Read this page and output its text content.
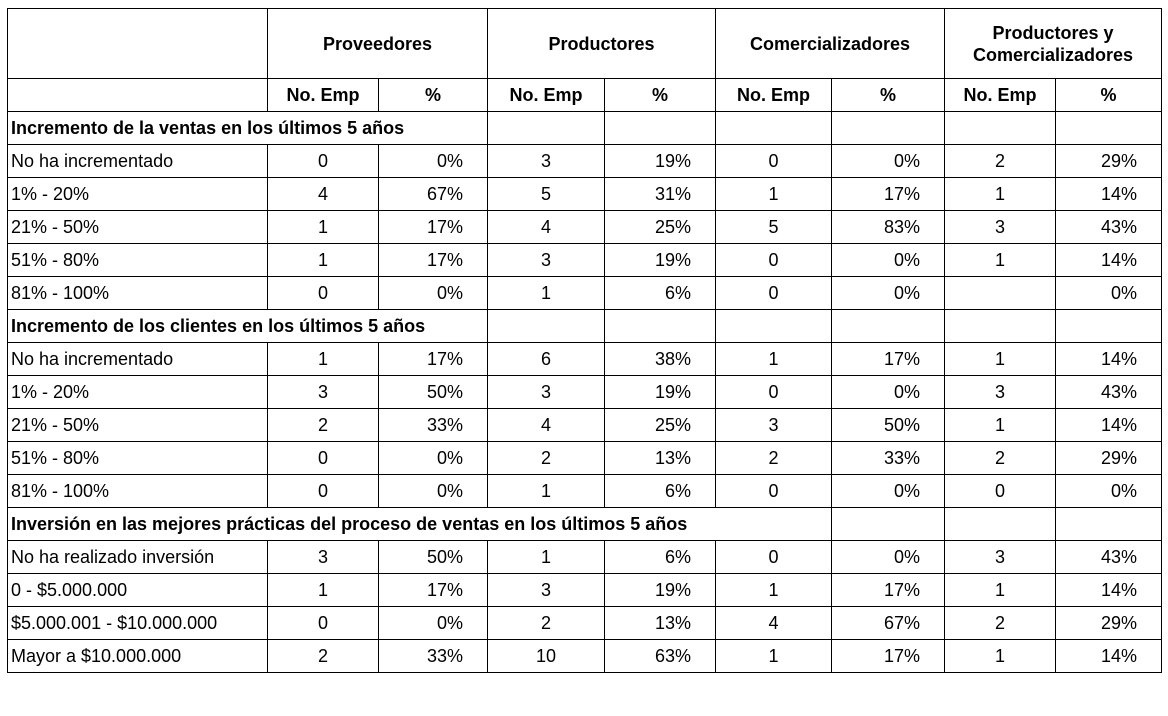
	Proveedores		Productores		Comercializadores		Productores y Comercializadores	
	No. Emp	%	No. Emp	%	No. Emp	%	No. Emp	%
Incremento de la ventas en los últimos 5 años								
No ha incrementado	0	0%	3	19%	0	0%	2	29%
1% - 20%	4	67%	5	31%	1	17%	1	14%
21% - 50%	1	17%	4	25%	5	83%	3	43%
51% - 80%	1	17%	3	19%	0	0%	1	14%
81% - 100%	0	0%	1	6%	0	0%		0%
Incremento de los clientes en los últimos 5 años								
No ha incrementado	1	17%	6	38%	1	17%	1	14%
1% - 20%	3	50%	3	19%	0	0%	3	43%
21% - 50%	2	33%	4	25%	3	50%	1	14%
51% - 80%	0	0%	2	13%	2	33%	2	29%
81% - 100%	0	0%	1	6%	0	0%	0	0%
Inversión en las mejores prácticas del proceso de ventas en los últimos 5 años								
No ha realizado inversión	3	50%	1	6%	0	0%	3	43%
0 - $5.000.000	1	17%	3	19%	1	17%	1	14%
$5.000.001 - $10.000.000	0	0%	2	13%	4	67%	2	29%
Mayor a $10.000.000	2	33%	10	63%	1	17%	1	14%
